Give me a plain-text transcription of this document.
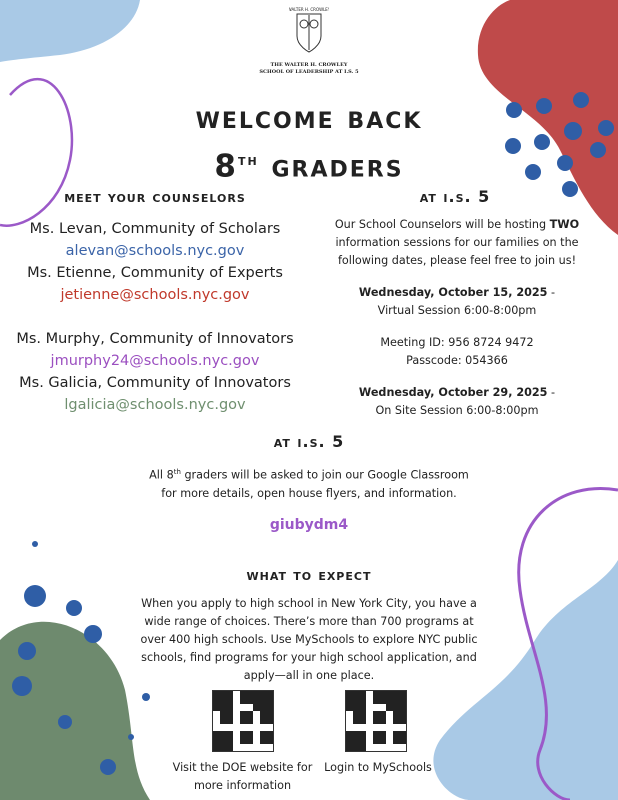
WALTER H. CROWLEY
THE WALTER H. CROWLEY
SCHOOL OF LEADERSHIP AT I.S. 5
welcome back
8th graders
meet your counselors
Ms. Levan, Community of Scholars
alevan@schools.nyc.gov
Ms. Etienne, Community of Experts
jetienne@schools.nyc.gov
Ms. Murphy, Community of Innovators
jmurphy24@schools.nyc.gov
Ms. Galicia, Community of Innovators
lgalicia@schools.nyc.gov
at i.s. 5
Our School Counselors will be hosting TWO information sessions for our families on the following dates, please feel free to join us!
Wednesday, October 15, 2025 -
Virtual Session 6:00-8:00pm
Meeting ID: 956 8724 9472
Passcode: 054366
Wednesday, October 29, 2025 -
On Site Session 6:00-8:00pm
at i.s. 5
All 8th graders will be asked to join our Google Classroom for more details, open house flyers, and information.
giubydm4
what to expect
When you apply to high school in New York City, you have a wide range of choices. There’s more than 700 programs at over 400 high schools. Use MySchools to explore NYC public schools, find programs for your high school application, and apply—all in one place.
Visit the DOE website for more information
Login to MySchools
